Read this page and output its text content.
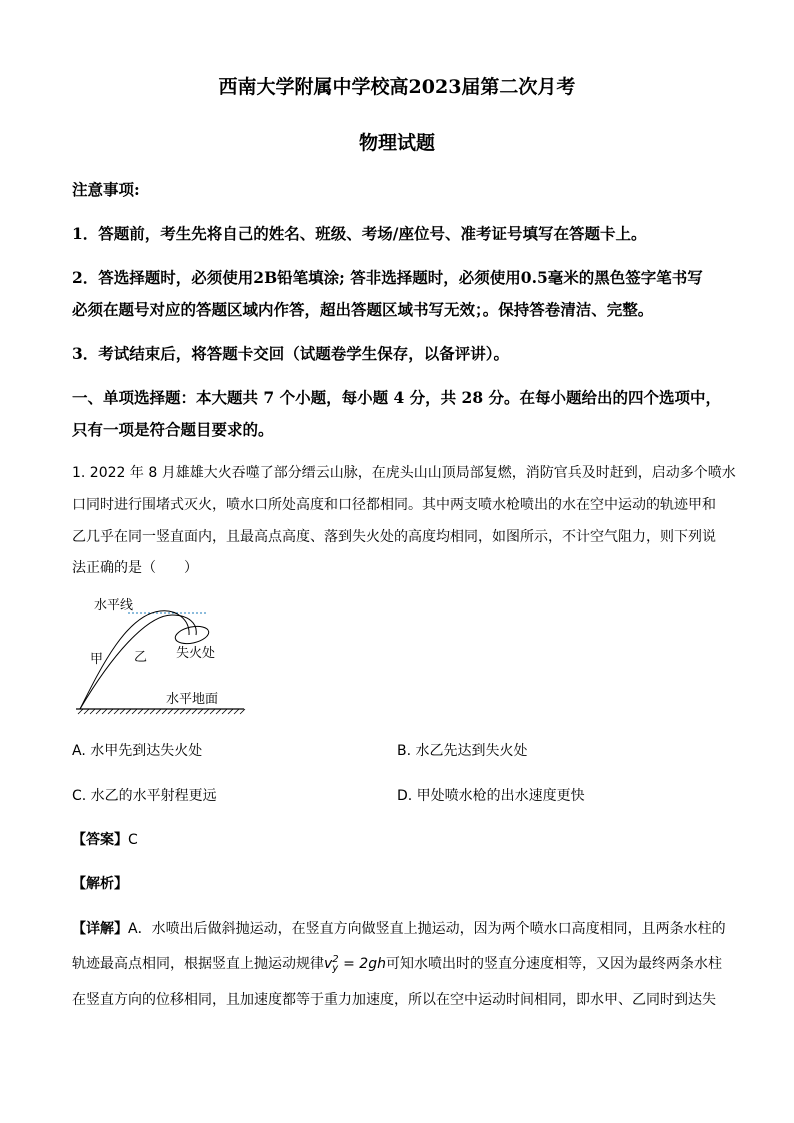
西南大学附属中学校高2023届第二次月考
物理试题
注意事项:
1．答题前，考生先将自己的姓名、班级、考场/座位号、准考证号填写在答题卡上。
2．答选择题时，必须使用2B铅笔填涂; 答非选择题时，必须使用0.5毫米的黑色签字笔书写
必须在题号对应的答题区域内作答，超出答题区域书写无效；。保持答卷清洁、完整。
3．考试结束后，将答题卡交回（试题卷学生保存，以备评讲）。
一、单项选择题：本大题共 7 个小题，每小题 4 分，共 28 分。在每小题给出的四个选项中，
只有一项是符合题目要求的。
1. 2022 年 8 月雄雄大火吞噬了部分缙云山脉，在虎头山山顶局部复燃，消防官兵及时赶到，启动多个喷水
口同时进行围堵式灭火，喷水口所处高度和口径都相同。其中两支喷水枪喷出的水在空中运动的轨迹甲和
乙几乎在同一竖直面内，且最高点高度、落到失火处的高度均相同，如图所示，不计空气阻力，则下列说
法正确的是（　　）
水平线
甲 乙 失火处
水平地面
A. 水甲先到达失火处	B. 水乙先达到失火处
C. 水乙的水平射程更远	D. 甲处喷水枪的出水速度更快
【答案】C
【解析】
【详解】A．水喷出后做斜抛运动，在竖直方向做竖直上抛运动，因为两个喷水口高度相同，且两条水柱的
轨迹最高点相同，根据竖直上抛运动规律v 2
y = 2gh可知水喷出时的竖直分速度相等，又因为最终两条水柱
在竖直方向的位移相同，且加速度都等于重力加速度，所以在空中运动时间相同，即水甲、乙同时到达失
